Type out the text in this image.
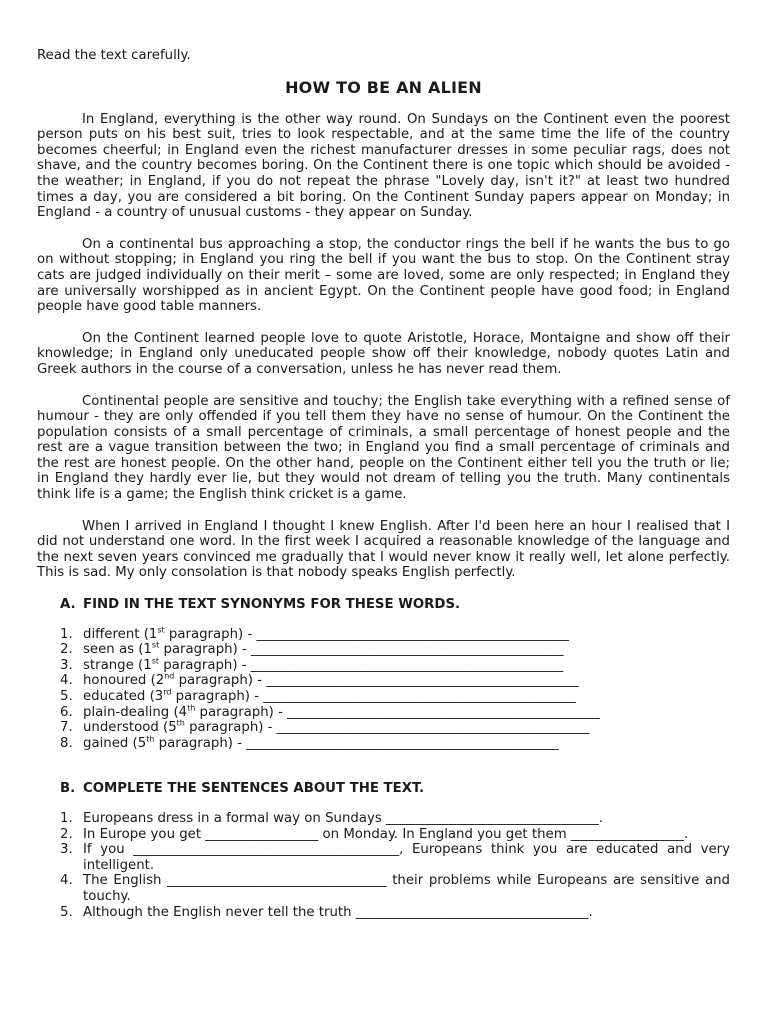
Read the text carefully.

HOW TO BE AN ALIEN

In England, everything is the other way round. On Sundays on the Continent even the poorest person puts on his best suit, tries to look respectable, and at the same time the life of the country becomes cheerful; in England even the richest manufacturer dresses in some peculiar rags, does not shave, and the country becomes boring. On the Continent there is one topic which should be avoided - the weather; in England, if you do not repeat the phrase "Lovely day, isn't it?" at least two hundred times a day, you are considered a bit boring. On the Continent Sunday papers appear on Monday; in England - a country of unusual customs - they appear on Sunday.

On a continental bus approaching a stop, the conductor rings the bell if he wants the bus to go on without stopping; in England you ring the bell if you want the bus to stop. On the Continent stray cats are judged individually on their merit – some are loved, some are only respected; in England they are universally worshipped as in ancient Egypt. On the Continent people have good food; in England people have good table manners.

On the Continent learned people love to quote Aristotle, Horace, Montaigne and show off their knowledge; in England only uneducated people show off their knowledge, nobody quotes Latin and Greek authors in the course of a conversation, unless he has never read them.

Continental people are sensitive and touchy; the English take everything with a refined sense of humour - they are only offended if you tell them they have no sense of humour. On the Continent the population consists of a small percentage of criminals, a small percentage of honest people and the rest are a vague transition between the two; in England you find a small percentage of criminals and the rest are honest people. On the other hand, people on the Continent either tell you the truth or lie; in England they hardly ever lie, but they would not dream of telling you the truth. Many continentals think life is a game; the English think cricket is a game.

When I arrived in England I thought I knew English. After I'd been here an hour I realised that I did not understand one word. In the first week I acquired a reasonable knowledge of the language and the next seven years convinced me gradually that I would never know it really well, let alone perfectly. This is sad. My only consolation is that nobody speaks English perfectly.

A. FIND IN THE TEXT SYNONYMS FOR THESE WORDS.
1. different (1st paragraph) - _______________________________________________
2. seen as (1st paragraph) - _______________________________________________
3. strange (1st paragraph) - _______________________________________________
4. honoured (2nd paragraph) - _______________________________________________
5. educated (3rd paragraph) - _______________________________________________
6. plain-dealing (4th paragraph) - _______________________________________________
7. understood (5th paragraph) - _______________________________________________
8. gained (5th paragraph) - _______________________________________________
B. COMPLETE THE SENTENCES ABOUT THE TEXT.
1. Europeans dress in a formal way on Sundays ________________________________.
2. In Europe you get _________________ on Monday. In England you get them _________________.
3. If you ________________________________________, Europeans think you are educated and very intelligent.
4. The English _________________________________ their problems while Europeans are sensitive and touchy.
5. Although the English never tell the truth ___________________________________.
